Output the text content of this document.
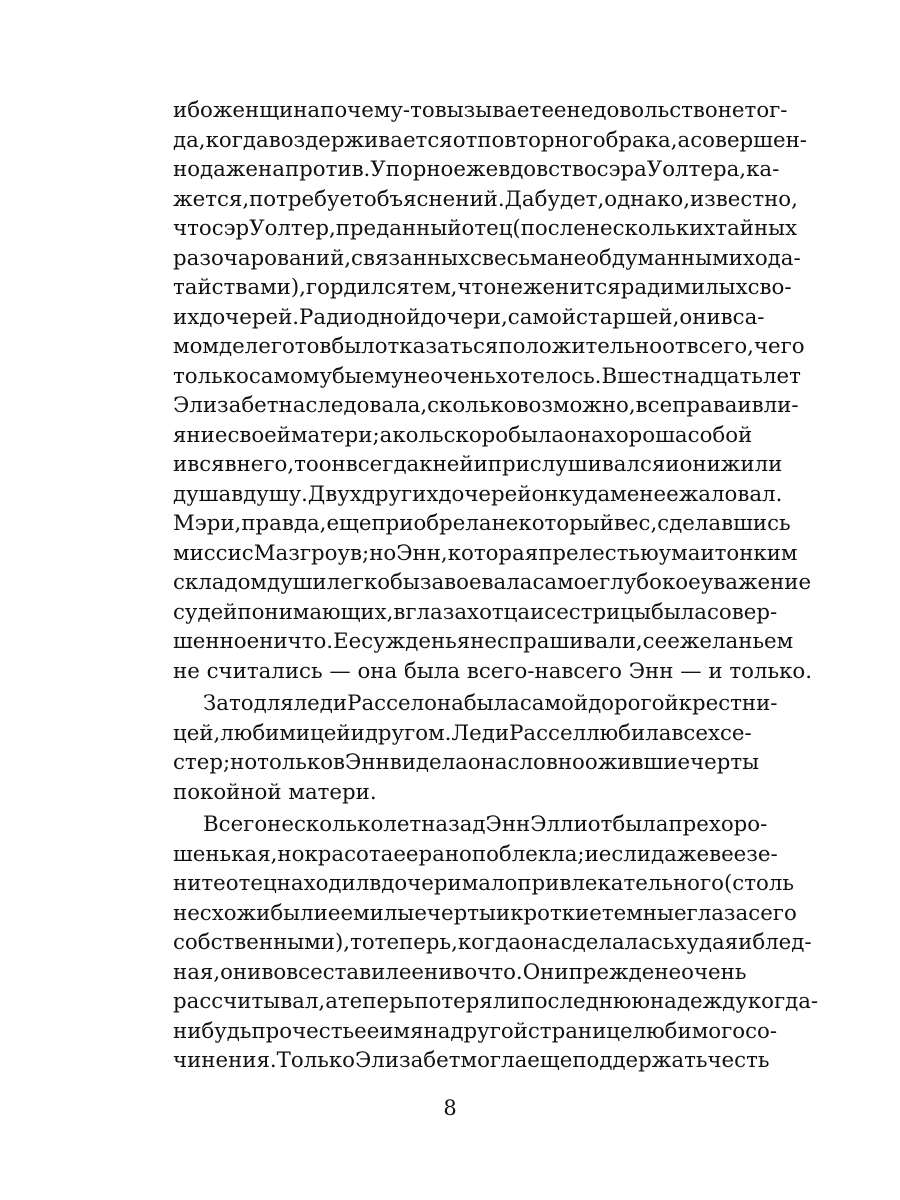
ибо женщина почему-то вызывает ее недовольство не тог-
да, когда воздерживается от повторного брака, а совершен-
но даже напротив. Упорное же вдовство сэра Уолтера, ка-
жется, потребует объяснений. Да будет, однако, известно,
что сэр Уолтер, преданный отец (после нескольких тайных
разочарований, связанных с весьма необдуманными хода-
тайствами), гордился тем, что не женится ради милых сво-
их дочерей. Ради одной дочери, самой старшей, он и в са-
мом деле готов был отказаться положительно от всего, чего
только самому бы ему не очень хотелось. В шестнадцать лет
Элизабет наследовала, сколько возможно, все права и вли-
яние своей матери; а коль скоро была она хороша собой
и вся в него, то он всегда к ней и прислушивался и они жили
душа в душу. Двух других дочерей он куда менее жаловал.
Мэри, правда, еще приобрела некоторый вес, сделавшись
миссис Мазгроув; но Энн, которая прелестью ума и тонким
складом души легко бы завоевала самое глубокое уважение
судей понимающих, в глазах отца и сестрицы была совер-
шенное ничто. Ее сужденья не спрашивали, с ее желаньем
не считались — она была всего-навсего Энн — и только.
Зато для леди Рассел она была самой дорогой крестни-
цей, любимицей и другом. Леди Рассел любила всех се-
стер; но только в Энн видела она словно ожившие черты
покойной матери.
Всего несколько лет назад Энн Эллиот была прехоро-
шенькая, но красота ее рано поблекла; и если даже в ее зе-
ните отец находил в дочери мало привлекательного (столь
несхожи были ее милые черты и кроткие темные глаза с его
собственными), то теперь, когда она сделалась худая и блед-
ная, он и вовсе ставил ее ни во что. Он и прежде не очень
рассчитывал, а теперь потерял и последнюю надежду когда-
нибудь прочесть ее имя на другой странице любимого со-
чинения. Только Элизабет могла еще поддержать честь
8
